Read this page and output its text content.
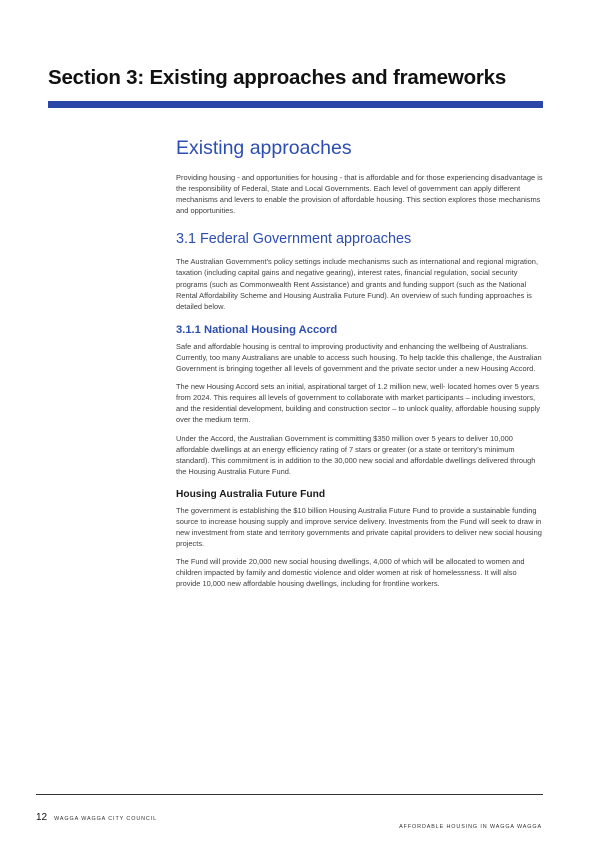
Section 3: Existing approaches and frameworks
Existing approaches

Providing housing - and opportunities for housing - that is affordable and for those experiencing disadvantage is the responsibility of Federal, State and Local Governments. Each level of government can apply different mechanisms and levers to enable the provision of affordable housing. This section explores those mechanisms and opportunities.

3.1 Federal Government approaches

The Australian Government’s policy settings include mechanisms such as international and regional migration, taxation (including capital gains and negative gearing), interest rates, financial regulation, social security programs (such as Commonwealth Rent Assistance) and grants and funding support (such as the National Rental Affordability Scheme and Housing Australia Future Fund). An overview of such funding approaches is detailed below.

3.1.1 National Housing Accord

Safe and affordable housing is central to improving productivity and enhancing the wellbeing of Australians. Currently, too many Australians are unable to access such housing. To help tackle this challenge, the Australian Government is bringing together all levels of government and the private sector under a new Housing Accord.

The new Housing Accord sets an initial, aspirational target of 1.2 million new, well- located homes over 5 years from 2024. This requires all levels of government to collaborate with market participants – including investors, and the residential development, building and construction sector – to unlock quality, affordable housing supply over the medium term.

Under the Accord, the Australian Government is committing $350 million over 5 years to deliver 10,000 affordable dwellings at an energy efficiency rating of 7 stars or greater (or a state or territory’s minimum standard). This commitment is in addition to the 30,000 new social and affordable dwellings delivered through the Housing Australia Future Fund.

Housing Australia Future Fund

The government is establishing the $10 billion Housing Australia Future Fund to provide a sustainable funding source to increase housing supply and improve service delivery. Investments from the Fund will seek to draw in new investment from state and territory governments and private capital providers to deliver new social housing projects.

The Fund will provide 20,000 new social housing dwellings, 4,000 of which will be allocated to women and children impacted by family and domestic violence and older women at risk of homelessness. It will also provide 10,000 new affordable housing dwellings, including for frontline workers.

12 WAGGA WAGGA CITY COUNCIL
AFFORDABLE HOUSING IN WAGGA WAGGA
